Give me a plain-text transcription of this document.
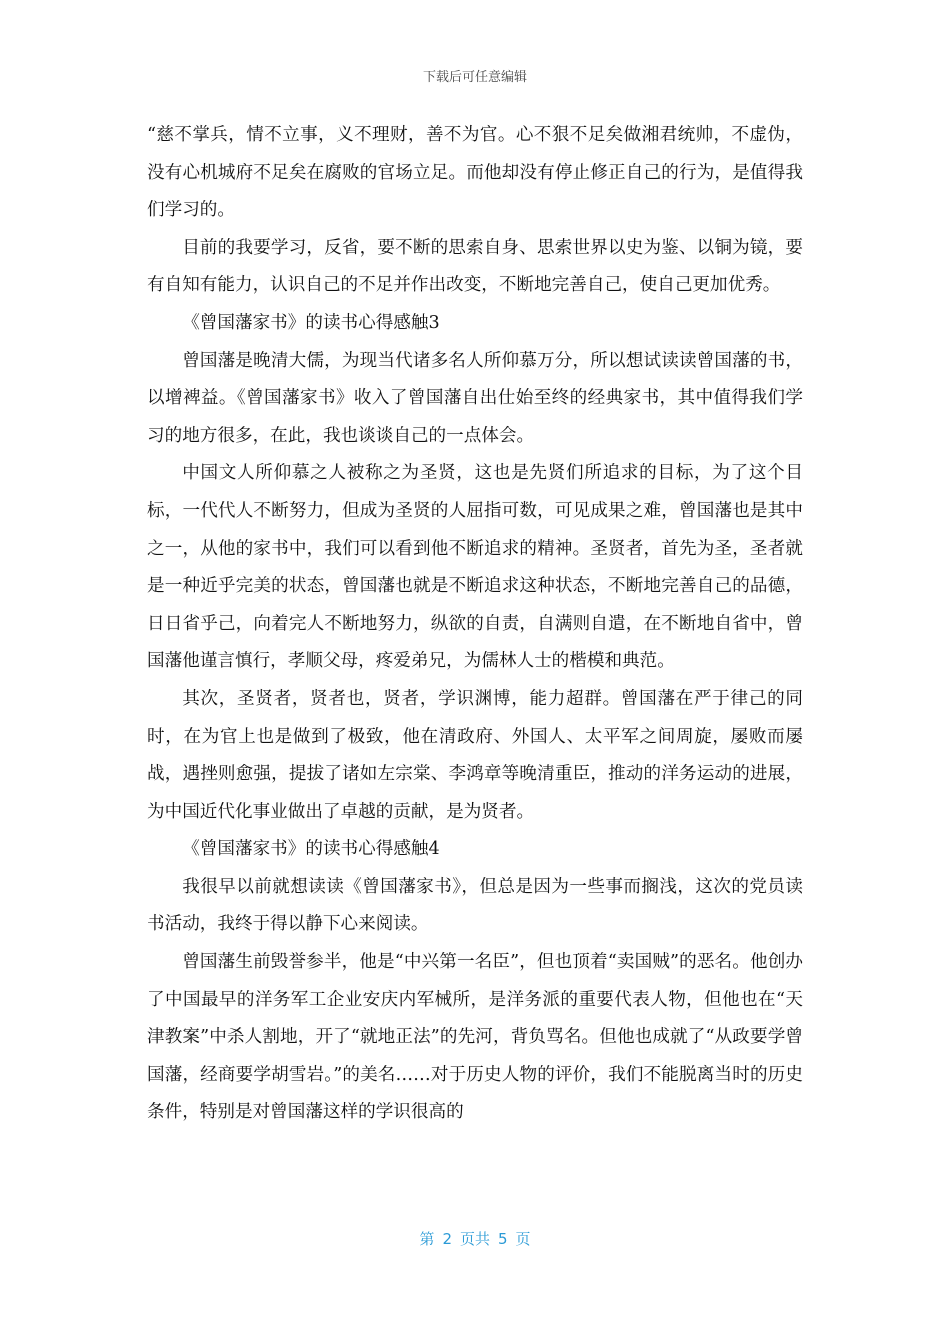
下载后可任意编辑

“慈不掌兵，情不立事，义不理财，善不为官。心不狠不足矣做湘君统帅，不虚伪，没有心机城府不足矣在腐败的官场立足。而他却没有停止修正自己的行为，是值得我们学习的。

目前的我要学习，反省，要不断的思索自身、思索世界以史为鉴、以铜为镜，要有自知有能力，认识自己的不足并作出改变，不断地完善自己，使自己更加优秀。

《曾国藩家书》的读书心得感触3

曾国藩是晚清大儒，为现当代诸多名人所仰慕万分，所以想试读读曾国藩的书，以增裨益。《曾国藩家书》收入了曾国藩自出仕始至终的经典家书，其中值得我们学习的地方很多，在此，我也谈谈自己的一点体会。

中国文人所仰慕之人被称之为圣贤，这也是先贤们所追求的目标，为了这个目标，一代代人不断努力，但成为圣贤的人屈指可数，可见成果之难，曾国藩也是其中之一，从他的家书中，我们可以看到他不断追求的精神。圣贤者，首先为圣，圣者就是一种近乎完美的状态，曾国藩也就是不断追求这种状态，不断地完善自己的品德，日日省乎己，向着完人不断地努力，纵欲的自责，自满则自遣，在不断地自省中，曾国藩他谨言慎行，孝顺父母，疼爱弟兄，为儒林人士的楷模和典范。

其次，圣贤者，贤者也，贤者，学识渊博，能力超群。曾国藩在严于律己的同时，在为官上也是做到了极致，他在清政府、外国人、太平军之间周旋，屡败而屡战，遇挫则愈强，提拔了诸如左宗棠、李鸿章等晚清重臣，推动的洋务运动的进展，为中国近代化事业做出了卓越的贡献，是为贤者。

《曾国藩家书》的读书心得感触4

我很早以前就想读读《曾国藩家书》，但总是因为一些事而搁浅，这次的党员读书活动，我终于得以静下心来阅读。

曾国藩生前毁誉参半，他是“中兴第一名臣”，但也顶着“卖国贼”的恶名。他创办了中国最早的洋务军工企业安庆内军械所，是洋务派的重要代表人物，但他也在“天津教案”中杀人割地，开了“就地正法”的先河，背负骂名。但他也成就了“从政要学曾国藩，经商要学胡雪岩。”的美名……对于历史人物的评价，我们不能脱离当时的历史条件，特别是对曾国藩这样的学识很高的

第 2 页共 5 页
